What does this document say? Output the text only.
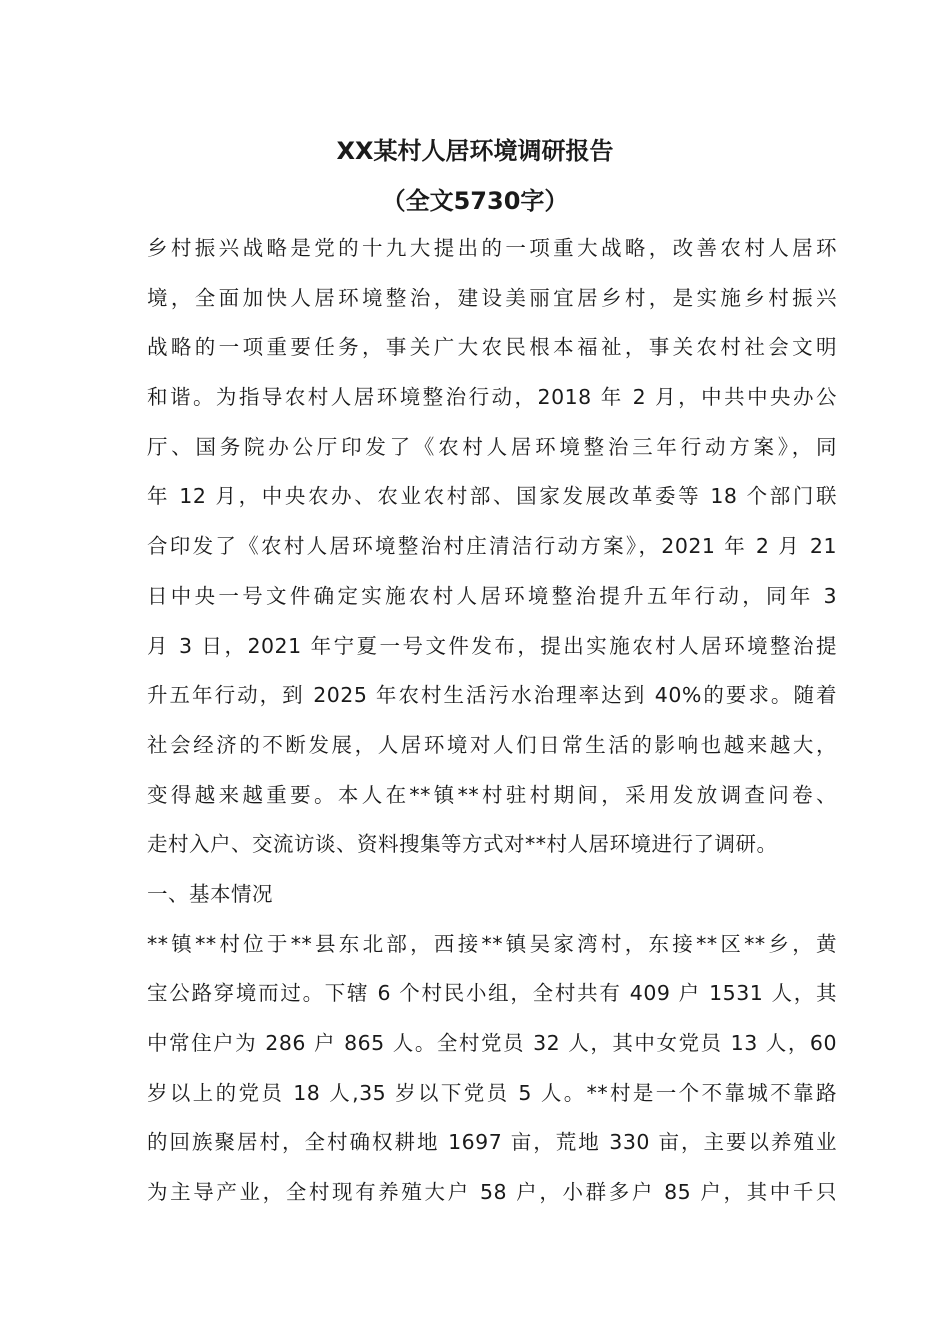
XX某村人居环境调研报告
（全文5730字）
乡村振兴战略是党的十九大提出的一项重大战略，改善农村人居环
境，全面加快人居环境整治，建设美丽宜居乡村，是实施乡村振兴
战略的一项重要任务，事关广大农民根本福祉，事关农村社会文明
和谐。为指导农村人居环境整治行动，2018 年 2 月，中共中央办公
厅、国务院办公厅印发了《农村人居环境整治三年行动方案》，同
年 12 月，中央农办、农业农村部、国家发展改革委等 18 个部门联
合印发了《农村人居环境整治村庄清洁行动方案》，2021 年 2 月 21
日中央一号文件确定实施农村人居环境整治提升五年行动，同年 3
月 3 日，2021 年宁夏一号文件发布，提出实施农村人居环境整治提
升五年行动，到 2025 年农村生活污水治理率达到 40%的要求。随着
社会经济的不断发展，人居环境对人们日常生活的影响也越来越大，
变得越来越重要。本人在**镇**村驻村期间，采用发放调查问卷、
走村入户、交流访谈、资料搜集等方式对**村人居环境进行了调研。
一、基本情况
**镇**村位于**县东北部，西接**镇吴家湾村，东接**区**乡，黄
宝公路穿境而过。下辖 6 个村民小组，全村共有 409 户 1531 人，其
中常住户为 286 户 865 人。全村党员 32 人，其中女党员 13 人，60
岁以上的党员 18 人,35 岁以下党员 5 人。**村是一个不靠城不靠路
的回族聚居村，全村确权耕地 1697 亩，荒地 330 亩，主要以养殖业
为主导产业，全村现有养殖大户 58 户，小群多户 85 户，其中千只
